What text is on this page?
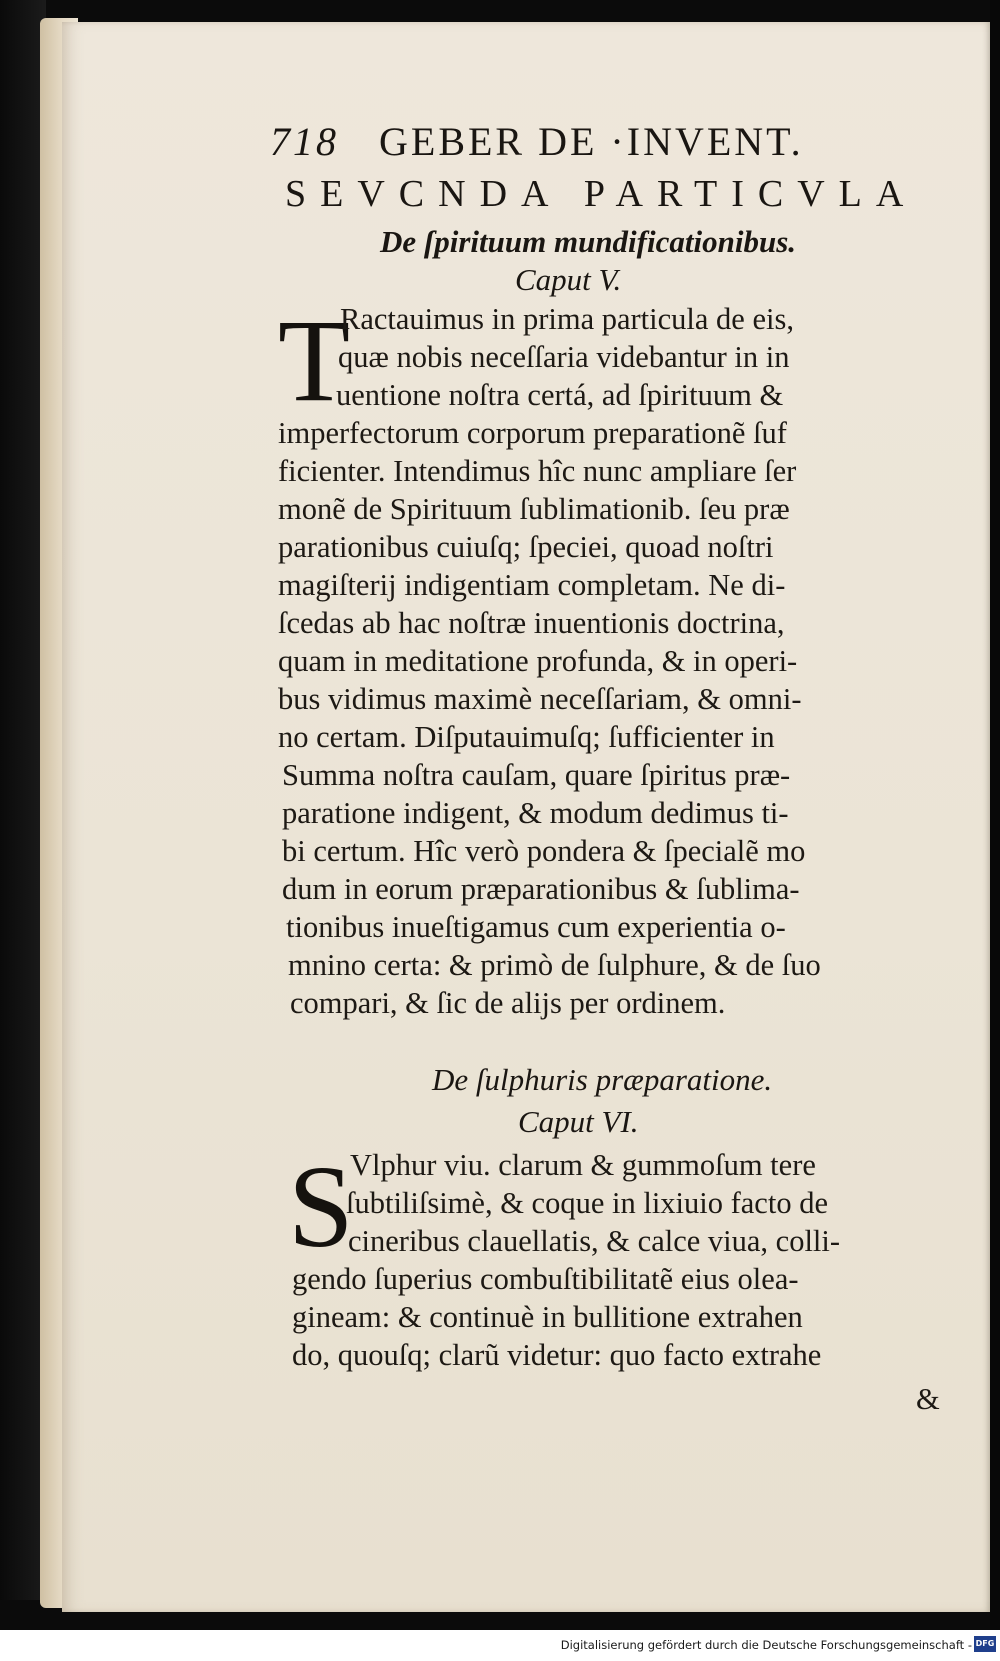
718 GEBER DE ·INVENT.
SEVCNDA PARTICVLA
De ſpirituum mundificationibus.
Caput V.
T
Ractauimus in prima particula de eis,
quæ nobis neceſſaria videbantur in in
uentione noſtra certá, ad ſpirituum &
imperfectorum corporum preparationẽ ſuf
ficienter. Intendimus hîc nunc ampliare ſer
monẽ de Spirituum ſublimationib. ſeu præ
parationibus cuiuſq; ſpeciei, quoad noſtri
magiſterij indigentiam completam. Ne di-
ſcedas ab hac noſtræ inuentionis doctrina,
quam in meditatione profunda, & in operi-
bus vidimus maximè neceſſariam, & omni-
no certam. Diſputauimuſq; ſufficienter in
Summa noſtra cauſam, quare ſpiritus præ-
paratione indigent, & modum dedimus ti-
bi certum. Hîc verò pondera & ſpecialẽ mo
dum in eorum præparationibus & ſublima-
tionibus inueſtigamus cum experientia o-
mnino certa: & primò de ſulphure, & de ſuo
compari, & ſic de alijs per ordinem.
De ſulphuris præparatione.
Caput VI.
S
Vlphur viu. clarum & gummoſum tere
ſubtiliſsimè, & coque in lixiuio facto de
cineribus clauellatis, & calce viua, colli-
gendo ſuperius combuſtibilitatẽ eius olea-
gineam: & continuè in bullitione extrahen
do, quouſq; clarũ videtur: quo facto extrahe
&
Digitalisierung gefördert durch die Deutsche Forschungsgemeinschaft - DFG
